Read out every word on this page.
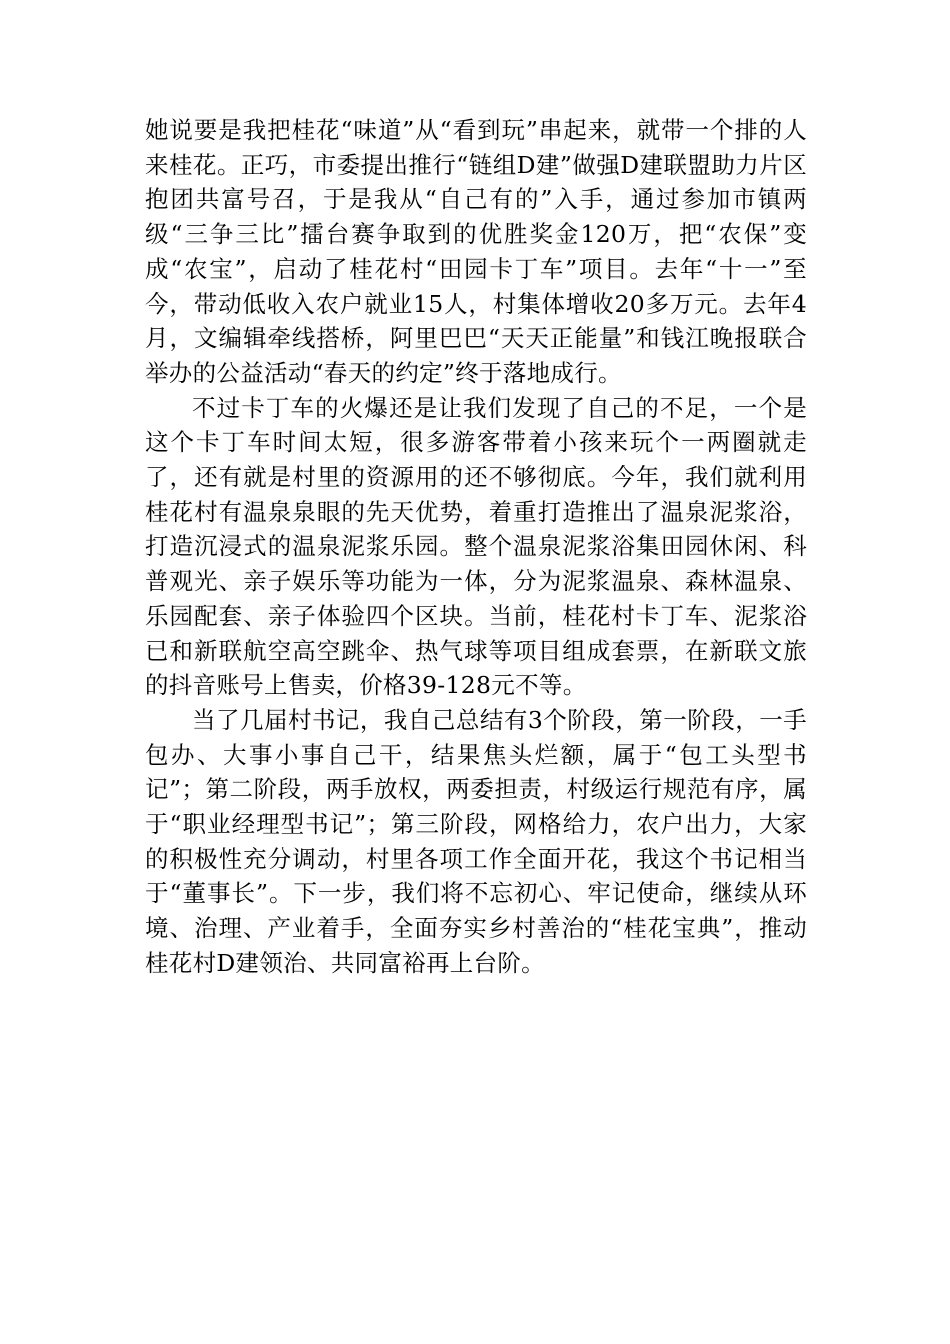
她说要是我把桂花“味道”从“看到玩”串起来，就带一个排的人来桂花。正巧，市委提出推行“链组D建”做强D建联盟助力片区抱团共富号召，于是我从“自己有的”入手，通过参加市镇两级“三争三比”擂台赛争取到的优胜奖金120万，把“农保”变成“农宝”，启动了桂花村“田园卡丁车”项目。去年“十一”至今，带动低收入农户就业15人，村集体增收20多万元。去年4月，文编辑牵线搭桥，阿里巴巴“天天正能量”和钱江晚报联合举办的公益活动“春天的约定”终于落地成行。

不过卡丁车的火爆还是让我们发现了自己的不足，一个是这个卡丁车时间太短，很多游客带着小孩来玩个一两圈就走了，还有就是村里的资源用的还不够彻底。今年，我们就利用桂花村有温泉泉眼的先天优势，着重打造推出了温泉泥浆浴，打造沉浸式的温泉泥浆乐园。整个温泉泥浆浴集田园休闲、科普观光、亲子娱乐等功能为一体，分为泥浆温泉、森林温泉、乐园配套、亲子体验四个区块。当前，桂花村卡丁车、泥浆浴已和新联航空高空跳伞、热气球等项目组成套票，在新联文旅的抖音账号上售卖，价格39-128元不等。

当了几届村书记，我自己总结有3个阶段，第一阶段，一手包办、大事小事自己干，结果焦头烂额，属于“包工头型书记”；第二阶段，两手放权，两委担责，村级运行规范有序，属于“职业经理型书记”；第三阶段，网格给力，农户出力，大家的积极性充分调动，村里各项工作全面开花，我这个书记相当于“董事长”。下一步，我们将不忘初心、牢记使命，继续从环境、治理、产业着手，全面夯实乡村善治的“桂花宝典”，推动桂花村D建领治、共同富裕再上台阶。
